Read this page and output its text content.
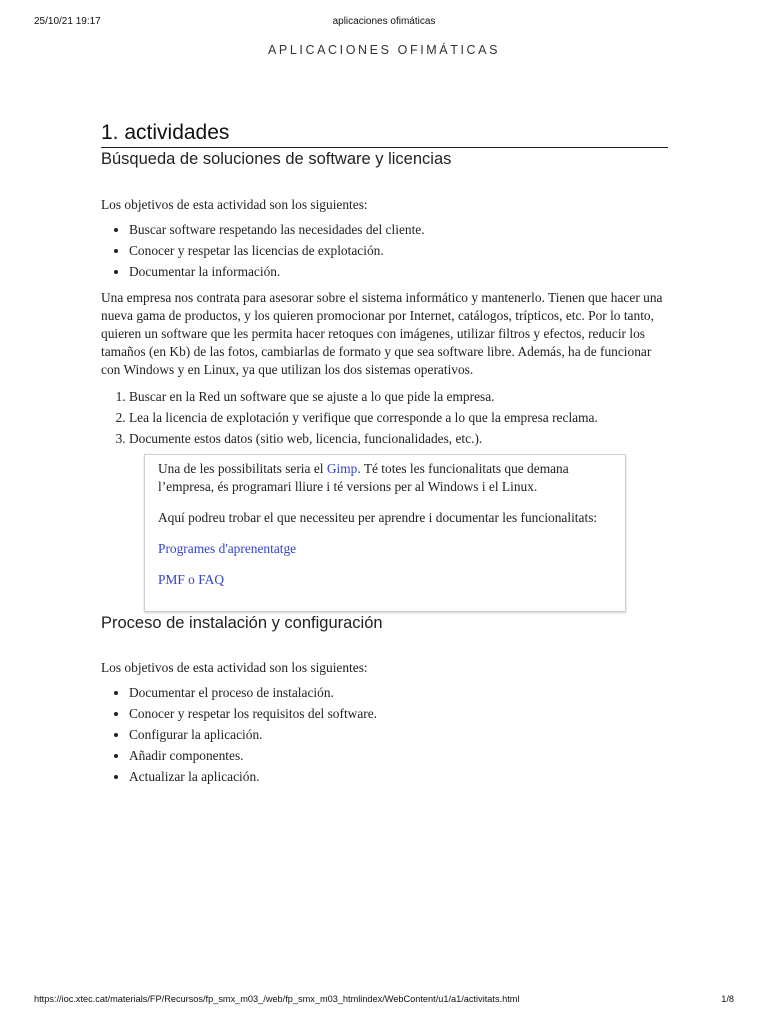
25/10/21 19:17	aplicaciones ofimáticas
APLICACIONES OFIMÁTICAS
1. actividades
Búsqueda de soluciones de software y licencias

Los objetivos de esta actividad son los siguientes:

• Buscar software respetando las necesidades del cliente.
• Conocer y respetar las licencias de explotación.
• Documentar la información.

Una empresa nos contrata para asesorar sobre el sistema informático y mantenerlo. Tienen que hacer una nueva gama de productos, y los quieren promocionar por Internet, catálogos, trípticos, etc. Por lo tanto, quieren un software que les permita hacer retoques con imágenes, utilizar filtros y efectos, reducir los tamaños (en Kb) de las fotos, cambiarlas de formato y que sea software libre. Además, ha de funcionar con Windows y en Linux, ya que utilizan los dos sistemas operativos.

1. Buscar en la Red un software que se ajuste a lo que pide la empresa.
2. Lea la licencia de explotación y verifique que corresponde a lo que la empresa reclama.
3. Documente estos datos (sitio web, licencia, funcionalidades, etc.).

Una de les possibilitats seria el Gimp. Té totes les funcionalitats que demana l’empresa, és programari lliure i té versions per al Windows i el Linux.

Aquí podreu trobar el que necessiteu per aprendre i documentar les funcionalitats:

Programes d'aprenentatge

PMF o FAQ

Proceso de instalación y configuración

Los objetivos de esta actividad son los siguientes:

• Documentar el proceso de instalación.
• Conocer y respetar los requisitos del software.
• Configurar la aplicación.
• Añadir componentes.
• Actualizar la aplicación.
https://ioc.xtec.cat/materials/FP/Recursos/fp_smx_m03_/web/fp_smx_m03_htmlindex/WebContent/u1/a1/activitats.html	1/8
